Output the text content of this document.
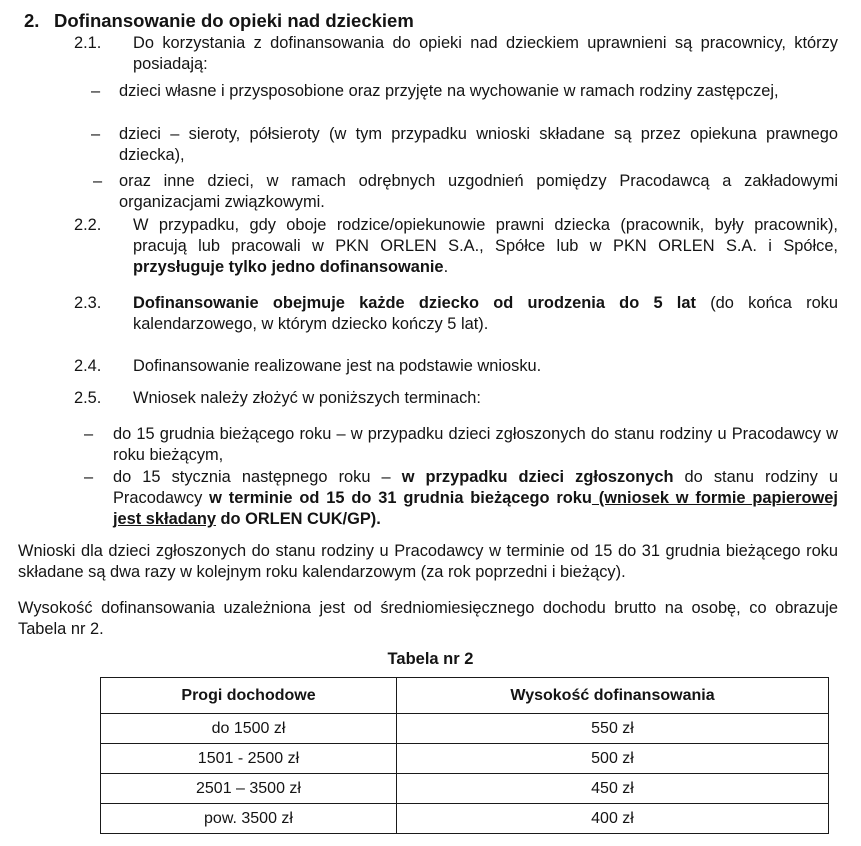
2. Dofinansowanie do opieki nad dzieckiem
2.1. Do korzystania z dofinansowania do opieki nad dzieckiem uprawnieni są pracownicy, którzy posiadają:
– dzieci własne i przysposobione oraz przyjęte na wychowanie w ramach rodziny zastępczej,
– dzieci – sieroty, półsieroty (w tym przypadku wnioski składane są przez opiekuna prawnego dziecka),
– oraz inne dzieci, w ramach odrębnych uzgodnień pomiędzy Pracodawcą a zakładowymi organizacjami związkowymi.
2.2. W przypadku, gdy oboje rodzice/opiekunowie prawni dziecka (pracownik, były pracownik), pracują lub pracowali w PKN ORLEN S.A., Spółce lub w PKN ORLEN S.A. i Spółce, przysługuje tylko jedno dofinansowanie.
2.3. Dofinansowanie obejmuje każde dziecko od urodzenia do 5 lat (do końca roku kalendarzowego, w którym dziecko kończy 5 lat).
2.4. Dofinansowanie realizowane jest na podstawie wniosku.
2.5. Wniosek należy złożyć w poniższych terminach:
– do 15 grudnia bieżącego roku – w przypadku dzieci zgłoszonych do stanu rodziny u Pracodawcy w roku bieżącym,
– do 15 stycznia następnego roku – w przypadku dzieci zgłoszonych do stanu rodziny u Pracodawcy w terminie od 15 do 31 grudnia bieżącego roku (wniosek w formie papierowej jest składany do ORLEN CUK/GP).
Wnioski dla dzieci zgłoszonych do stanu rodziny u Pracodawcy w terminie od 15 do 31 grudnia bieżącego roku składane są dwa razy w kolejnym roku kalendarzowym (za rok poprzedni i bieżący).
Wysokość dofinansowania uzależniona jest od średniomiesięcznego dochodu brutto na osobę, co obrazuje Tabela nr 2.
Tabela nr 2
Progi dochodowe	Wysokość dofinansowania
do 1500 zł	550 zł
1501 - 2500 zł	500 zł
2501 – 3500 zł	450 zł
pow. 3500 zł	400 zł
